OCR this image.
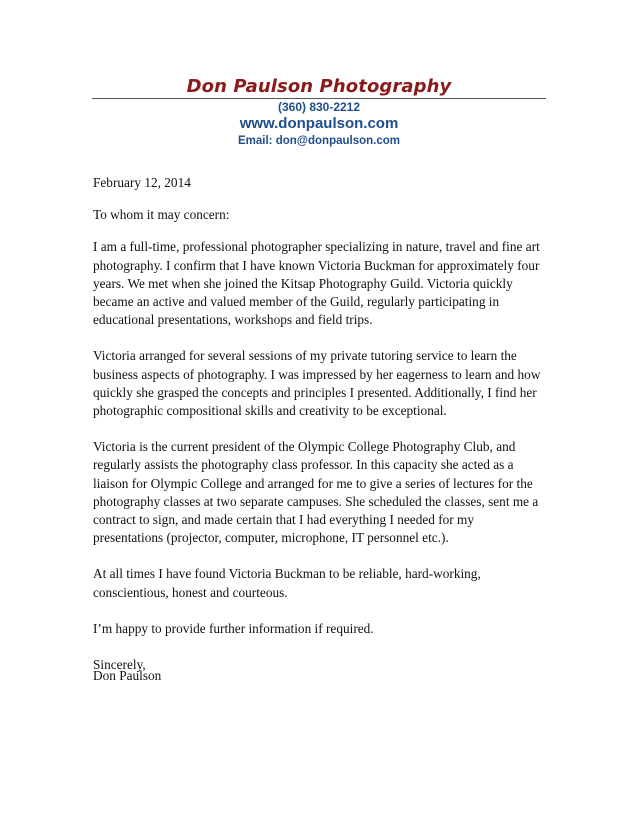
Don Paulson Photography
(360) 830-2212
www.donpaulson.com
Email: don@donpaulson.com

February 12, 2014

To whom it may concern:

I am a full-time, professional photographer specializing in nature, travel and fine art photography. I confirm that I have known Victoria Buckman for approximately four years. We met when she joined the Kitsap Photography Guild. Victoria quickly became an active and valued member of the Guild, regularly participating in educational presentations, workshops and field trips.

Victoria arranged for several sessions of my private tutoring service to learn the business aspects of photography. I was impressed by her eagerness to learn and how quickly she grasped the concepts and principles I presented. Additionally, I find her photographic compositional skills and creativity to be exceptional.

Victoria is the current president of the Olympic College Photography Club, and regularly assists the photography class professor. In this capacity she acted as a liaison for Olympic College and arranged for me to give a series of lectures for the photography classes at two separate campuses. She scheduled the classes, sent me a contract to sign, and made certain that I had everything I needed for my presentations (projector, computer, microphone, IT personnel etc.).

At all times I have found Victoria Buckman to be reliable, hard-working, conscientious, honest and courteous.

I’m happy to provide further information if required.

Sincerely,

Don Paulson
